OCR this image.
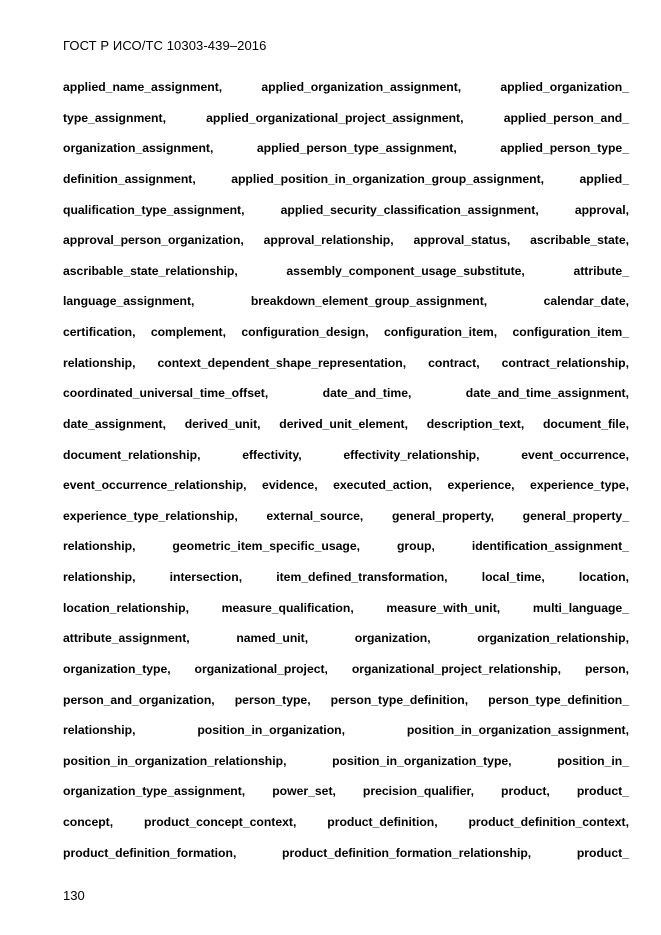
ГОСТ Р ИСО/ТС 10303-439–2016
applied_name_assignment,	applied_organization_assignment,	applied_organization_
type_assignment,	applied_organizational_project_assignment,	applied_person_and_
organization_assignment,	applied_person_type_assignment,	applied_person_type_
definition_assignment,	applied_position_in_organization_group_assignment,	applied_
qualification_type_assignment,	applied_security_classification_assignment,	approval,
approval_person_organization, approval_relationship, approval_status, ascribable_state,
ascribable_state_relationship,	assembly_component_usage_substitute,	attribute_
language_assignment,	breakdown_element_group_assignment,	calendar_date,
certification, complement, configuration_design, configuration_item, configuration_item_
relationship, context_dependent_shape_representation, contract, contract_relationship,
coordinated_universal_time_offset,	date_and_time,	date_and_time_assignment,
date_assignment, derived_unit, derived_unit_element, description_text, document_file,
document_relationship,	effectivity,	effectivity_relationship,	event_occurrence,
event_occurrence_relationship, evidence, executed_action, experience, experience_type,
experience_type_relationship, external_source, general_property, general_property_
relationship,	geometric_item_specific_usage,	group,	identification_assignment_
relationship,	intersection,	item_defined_transformation,	local_time,	location,
location_relationship,	measure_qualification,	measure_with_unit,	multi_language_
attribute_assignment,	named_unit,	organization,	organization_relationship,
organization_type, organizational_project, organizational_project_relationship, person,
person_and_organization, person_type, person_type_definition, person_type_definition_
relationship,	position_in_organization,	position_in_organization_assignment,
position_in_organization_relationship,	position_in_organization_type,	position_in_
organization_type_assignment, power_set, precision_qualifier, product, product_
concept,	product_concept_context,	product_definition,	product_definition_context,
product_definition_formation,	product_definition_formation_relationship,	product_
130
